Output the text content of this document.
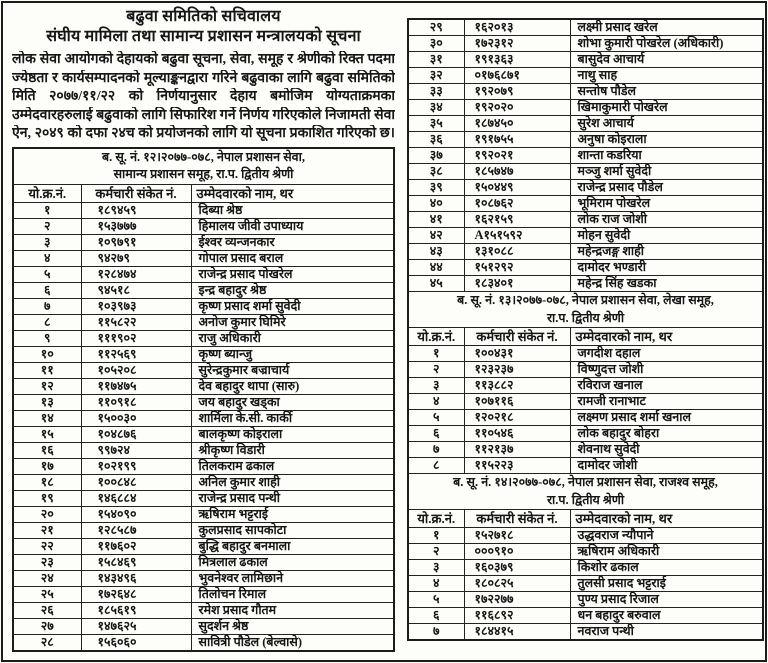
बढुवा समितिको सचिवालय
संघीय मामिला तथा सामान्य प्रशासन मन्त्रालयको सूचना
लोक सेवा आयोगको देहायको बढुवा सूचना, सेवा, समूह र श्रेणीको रिक्त पदमा
ज्येष्ठता र कार्यसम्पादनको मूल्याङ्कनद्वारा गरिने बढुवाका लागि बढुवा समितिको
मिति २०७७/११/२२ को निर्णयानुसार देहाय बमोजिम योग्यताक्रमका
उम्मेदवारहरुलाई बढुवाको लागि सिफारिश गर्ने निर्णय गरिएकोले निजामती सेवा
ऐन, २०४९ को दफा २४च को प्रयोजनको लागि यो सूचना प्रकाशित गरिएको छ।
ब. सू. नं. १२।२०७७-०७८, नेपाल प्रशासन सेवा,
सामान्य प्रशासन समूह, रा.प. द्वितीय श्रेणी		

यो.क्र.नं.	कर्मचारी संकेत नं.	उम्मेदवारको नाम, थर
१	१८९४५९	दिब्या श्रेष्ठ
२	१५३७७७	हिमालय जीवी उपाध्याय
३	१०९७९१	ईश्वर व्यन्जनकार
४	९४२७९	गोपाल प्रसाद बराल
५	१२८४७४	राजेन्द्र प्रसाद पोखरेल
६	९४५१८	इन्द्र बहादुर श्रेष्ठ
७	१०३९७३	कृष्ण प्रसाद शर्मा सुवेदी
८	११५८२२	अनोज कुमार घिमिरे
९	१११९०२	राजु अधिकारी
१०	११२५६९	कृष्ण ब्यान्जु
११	१०५२०८	सुरेन्द्रकुमार बज्राचार्य
१२	११७४७५	देव बहादुर थापा (सारु)
१३	११०९१८	जय बहादुर खड्का
१४	१५००३०	शार्मिला के.सी. कार्की
१५	१०४८७६	बालकृष्ण कोइराला
१६	९९७२४	श्रीकृष्ण विडारी
१७	१०२१९९	तिलकराम ढकाल
१८	१००८४८	अनिल कुमार शाही
१९	१४६८८४	राजेन्द्र प्रसाद पन्थी
२०	१५४०९०	ऋषिराम भट्टराई
२१	१२८५८७	कुलप्रसाद सापकोटा
२२	११७६०२	बुद्धि बहादुर बनमाला
२३	१५८४६९	मित्रलाल ढकाल
२४	१४३४९६	भुवनेश्वर लामिछाने
२५	१७२६४८	तिलोचन रिमाल
२६	१८५६१९	रमेश प्रसाद गौतम
२७	१४७६२५	सुदर्शन श्रेष्ठ
२८	१५६०६०	सावित्री पौडेल (बेल्वासे)
२९	१६२०१३	लक्ष्मी प्रसाद खरेल
३०	१७२३१२	शोभा कुमारी पोखरेल (अधिकारी)
३१	१९१३६३	बासुदेव आचार्य
३२	०१७६८७१	नाथु साह
३३	१९२०७९	सन्तोष पौडेल
३४	१९२०२०	खिमाकुमारी पोखरेल
३५	१८७४५०	सुरेश आचार्य
३६	१९१७५५	अनुषा कोइराला
३७	१९२०२१	शान्ता कडरिया
३८	१८५७४७	मञ्जु शर्मा सुवेदी
३९	१५०४४९	राजेन्द्र प्रसाद पौडेल
४०	१०८७६२	भूमिराम पोखरेल
४१	१६२१५९	लोक राज जोशी
४२	A१५१५९२	मोहन सुवेदी
४३	१३१०८८	महेन्द्रजङ्ग शाही
४४	१५१२९२	दामोदर भण्डारी
४५	१८३४०१	महेन्द्र सिंह खडका

ब. सू. नं. १३।२०७७-०७८, नेपाल प्रशासन सेवा, लेखा समूह,
रा.प. द्वितीय श्रेणी		

यो.क्र.नं.	कर्मचारी संकेत नं.	उम्मेदवारको नाम, थर
१	१००४३१	जगदीश दहाल
२	१२३२३७	विष्णुदत्त जोशी
३	११३८८२	रविराज खनाल
४	१०७११६	रामजी रानाभाट
५	१२०२१८	लक्ष्मण प्रसाद शर्मा खनाल
६	११०५४६	लोक बहादुर बोहरा
७	११२१३७	शेवनाथ सुवेदी
८	११५२२३	दामोदर जोशी

ब. सू. नं. १४।२०७७-०७८, नेपाल प्रशासन सेवा, राजश्व समूह,
रा.प. द्वितीय श्रेणी		

यो.क्र.नं.	कर्मचारी संकेत नं.	उम्मेदवारको नाम, थर
१	१५२७१८	उद्धवराज न्यौपाने
२	०००९१०	ऋषिराम अधिकारी
३	१६०३७९	किशोर ढकाल
४	१८०८२५	तुलसी प्रसाद भट्टराई
५	१७२२७७	पुण्य प्रसाद रिजाल
६	११६८९२	धन बहादुर बरुवाल
७	१८४४१५	नवराज पन्थी
